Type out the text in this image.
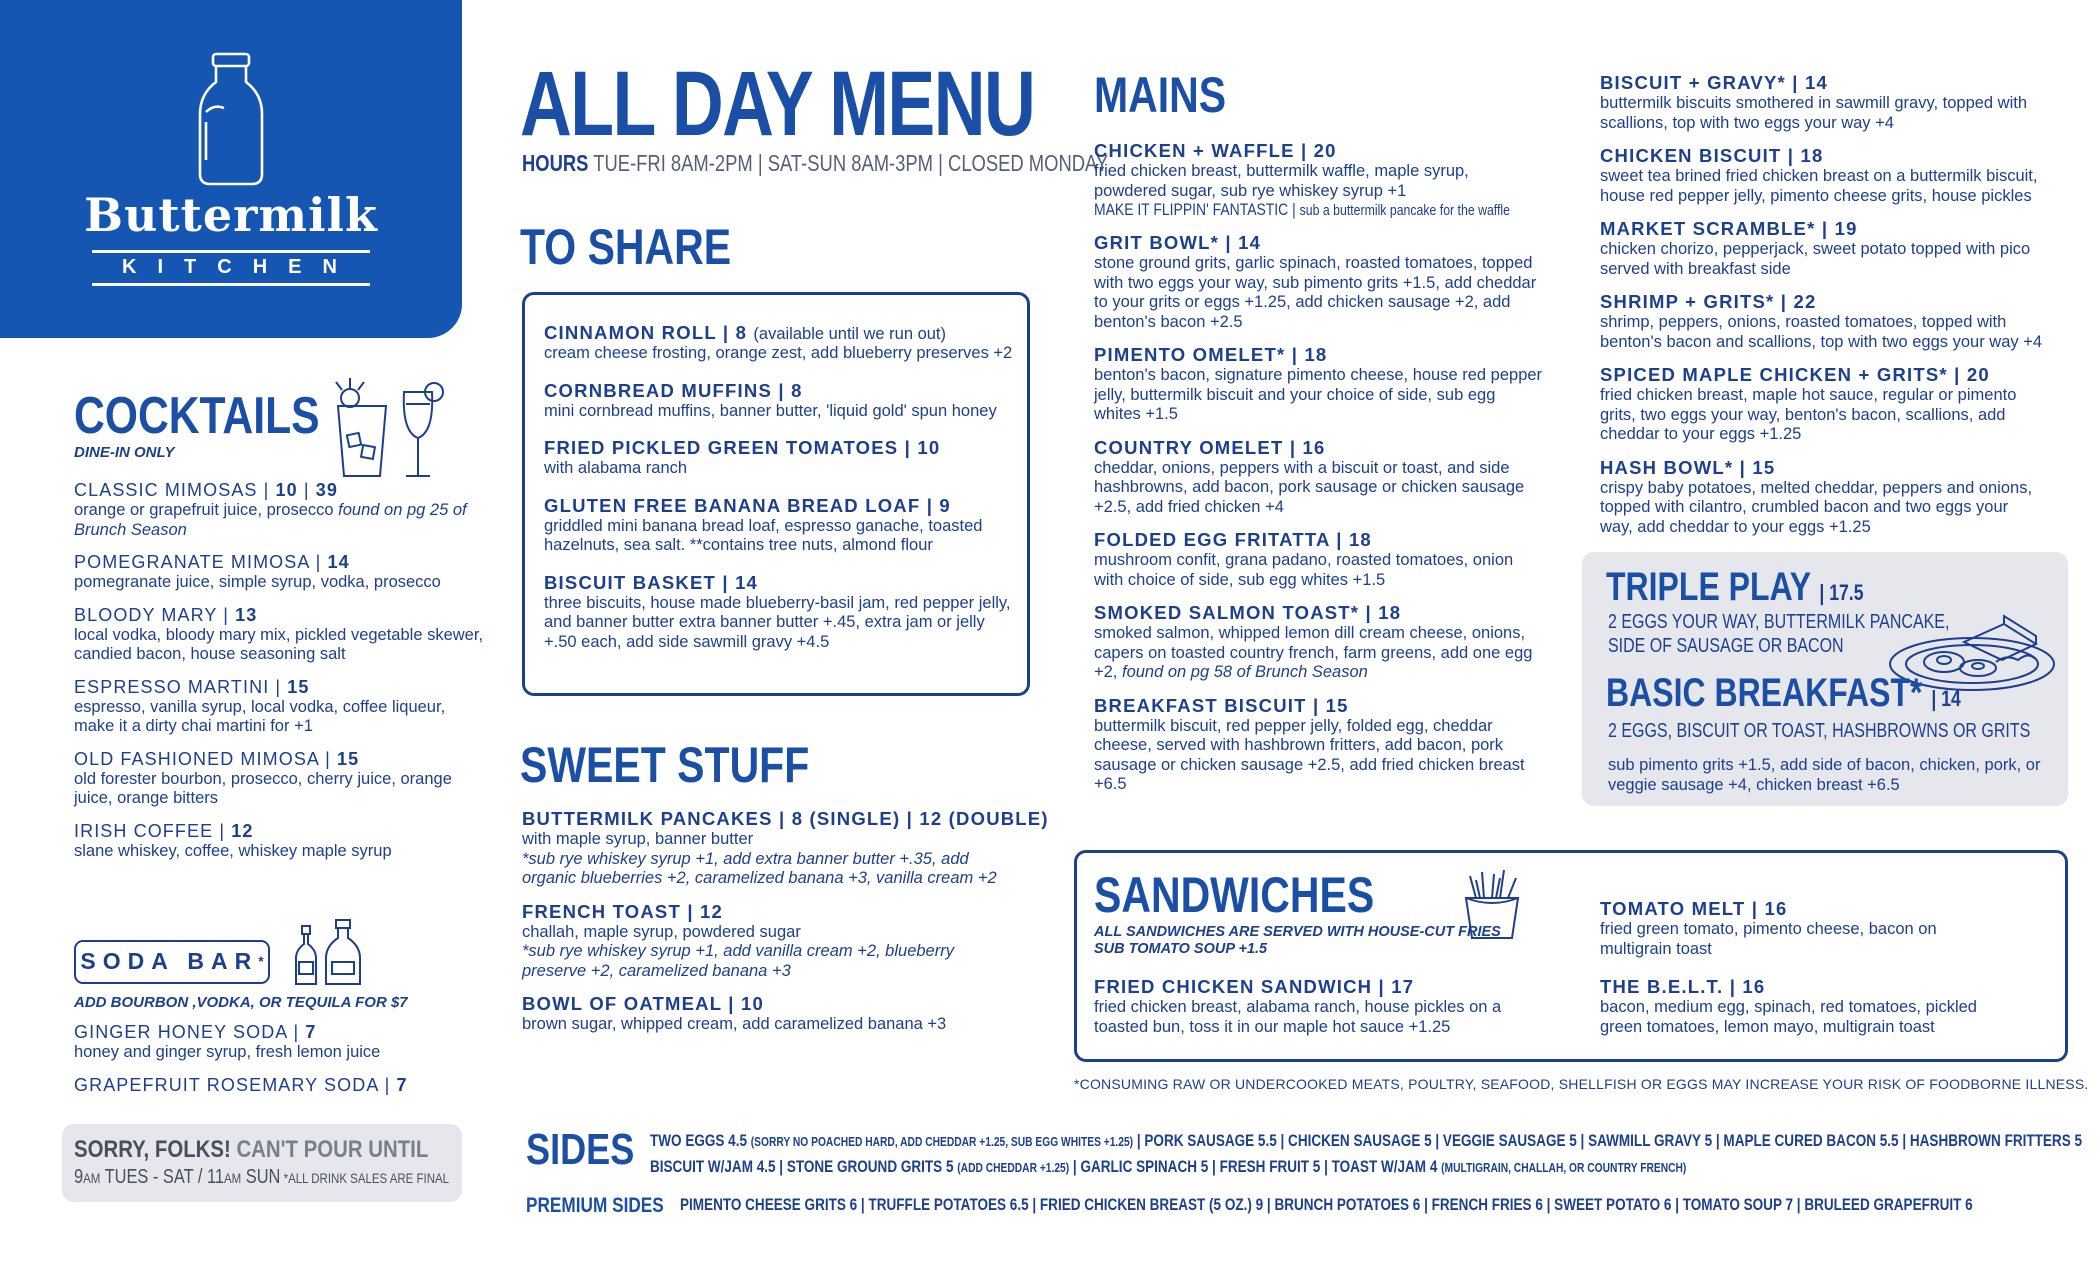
Buttermilk
KITCHEN
ALL DAY MENU
HOURS TUE-FRI 8AM-2PM | SAT-SUN 8AM-3PM | CLOSED MONDAY
COCKTAILS
DINE-IN ONLY
CLASSIC MIMOSAS | 10 | 39
orange or grapefruit juice, prosecco found on pg 25 of Brunch Season
POMEGRANATE MIMOSA | 14
pomegranate juice, simple syrup, vodka, prosecco
BLOODY MARY | 13
local vodka, bloody mary mix, pickled vegetable skewer, candied bacon, house seasoning salt
ESPRESSO MARTINI | 15
espresso, vanilla syrup, local vodka, coffee liqueur, make it a dirty chai martini for +1
OLD FASHIONED MIMOSA | 15
old forester bourbon, prosecco, cherry juice, orange juice, orange bitters
IRISH COFFEE | 12
slane whiskey, coffee, whiskey maple syrup
SODA BAR*
ADD BOURBON ,VODKA, OR TEQUILA FOR $7
GINGER HONEY SODA | 7
honey and ginger syrup, fresh lemon juice
GRAPEFRUIT ROSEMARY SODA | 7
SORRY, FOLKS! CAN'T POUR UNTIL
9AM TUES - SAT / 11AM SUN *ALL DRINK SALES ARE FINAL
TO SHARE
CINNAMON ROLL | 8 (available until we run out)
cream cheese frosting, orange zest, add blueberry preserves +2
CORNBREAD MUFFINS | 8
mini cornbread muffins, banner butter, 'liquid gold' spun honey
FRIED PICKLED GREEN TOMATOES | 10
with alabama ranch
GLUTEN FREE BANANA BREAD LOAF | 9
griddled mini banana bread loaf, espresso ganache, toasted hazelnuts, sea salt. **contains tree nuts, almond flour
BISCUIT BASKET | 14
three biscuits, house made blueberry-basil jam, red pepper jelly, and banner butter extra banner butter +.45, extra jam or jelly +.50 each, add side sawmill gravy +4.5
SWEET STUFF
BUTTERMILK PANCAKES | 8 (SINGLE) | 12 (DOUBLE)
with maple syrup, banner butter
*sub rye whiskey syrup +1, add extra banner butter +.35, add organic blueberries +2, caramelized banana +3, vanilla cream +2
FRENCH TOAST | 12
challah, maple syrup, powdered sugar
*sub rye whiskey syrup +1, add vanilla cream +2, blueberry preserve +2, caramelized banana +3
BOWL OF OATMEAL | 10
brown sugar, whipped cream, add caramelized banana +3
MAINS
CHICKEN + WAFFLE | 20
fried chicken breast, buttermilk waffle, maple syrup, powdered sugar, sub rye whiskey syrup +1
MAKE IT FLIPPIN' FANTASTIC | sub a buttermilk pancake for the waffle
GRIT BOWL* | 14
stone ground grits, garlic spinach, roasted tomatoes, topped with two eggs your way, sub pimento grits +1.5, add cheddar to your grits or eggs +1.25, add chicken sausage +2, add benton's bacon +2.5
PIMENTO OMELET* | 18
benton's bacon, signature pimento cheese, house red pepper jelly, buttermilk biscuit and your choice of side, sub egg whites +1.5
COUNTRY OMELET | 16
cheddar, onions, peppers with a biscuit or toast, and side hashbrowns, add bacon, pork sausage or chicken sausage +2.5, add fried chicken +4
FOLDED EGG FRITATTA | 18
mushroom confit, grana padano, roasted tomatoes, onion with choice of side, sub egg whites +1.5
SMOKED SALMON TOAST* | 18
smoked salmon, whipped lemon dill cream cheese, onions, capers on toasted country french, farm greens, add one egg +2, found on pg 58 of Brunch Season
BREAKFAST BISCUIT | 15
buttermilk biscuit, red pepper jelly, folded egg, cheddar cheese, served with hashbrown fritters, add bacon, pork sausage or chicken sausage +2.5, add fried chicken breast +6.5
BISCUIT + GRAVY* | 14
buttermilk biscuits smothered in sawmill gravy, topped with scallions, top with two eggs your way +4
CHICKEN BISCUIT | 18
sweet tea brined fried chicken breast on a buttermilk biscuit, house red pepper jelly, pimento cheese grits, house pickles
MARKET SCRAMBLE* | 19
chicken chorizo, pepperjack, sweet potato topped with pico served with breakfast side
SHRIMP + GRITS* | 22
shrimp, peppers, onions, roasted tomatoes, topped with benton's bacon and scallions, top with two eggs your way +4
SPICED MAPLE CHICKEN + GRITS* | 20
fried chicken breast, maple hot sauce, regular or pimento grits, two eggs your way, benton's bacon, scallions, add cheddar to your eggs +1.25
HASH BOWL* | 15
crispy baby potatoes, melted cheddar, peppers and onions, topped with cilantro, crumbled bacon and two eggs your way, add cheddar to your eggs +1.25
TRIPLE PLAY | 17.5
2 EGGS YOUR WAY, BUTTERMILK PANCAKE,
SIDE OF SAUSAGE OR BACON
BASIC BREAKFAST* | 14
2 EGGS, BISCUIT OR TOAST, HASHBROWNS OR GRITS
sub pimento grits +1.5, add side of bacon, chicken, pork, or veggie sausage +4, chicken breast +6.5
SANDWICHES
ALL SANDWICHES ARE SERVED WITH HOUSE-CUT FRIES
SUB TOMATO SOUP +1.5
FRIED CHICKEN SANDWICH | 17
fried chicken breast, alabama ranch, house pickles on a toasted bun, toss it in our maple hot sauce +1.25
TOMATO MELT | 16
fried green tomato, pimento cheese, bacon on multigrain toast
THE B.E.L.T. | 16
bacon, medium egg, spinach, red tomatoes, pickled green tomatoes, lemon mayo, multigrain toast
*CONSUMING RAW OR UNDERCOOKED MEATS, POULTRY, SEAFOOD, SHELLFISH OR EGGS MAY INCREASE YOUR RISK OF FOODBORNE ILLNESS.
SIDES TWO EGGS 4.5 (SORRY NO POACHED HARD, ADD CHEDDAR +1.25, SUB EGG WHITES +1.25) | PORK SAUSAGE 5.5 | CHICKEN SAUSAGE 5 | VEGGIE SAUSAGE 5 | SAWMILL GRAVY 5 | MAPLE CURED BACON 5.5 | HASHBROWN FRITTERS 5
BISCUIT W/JAM 4.5 | STONE GROUND GRITS 5 (ADD CHEDDAR +1.25) | GARLIC SPINACH 5 | FRESH FRUIT 5 | TOAST W/JAM 4 (MULTIGRAIN, CHALLAH, OR COUNTRY FRENCH)
PREMIUM SIDES PIMENTO CHEESE GRITS 6 | TRUFFLE POTATOES 6.5 | FRIED CHICKEN BREAST (5 OZ.) 9 | BRUNCH POTATOES 6 | FRENCH FRIES 6 | SWEET POTATO 6 | TOMATO SOUP 7 | BRULEED GRAPEFRUIT 6
